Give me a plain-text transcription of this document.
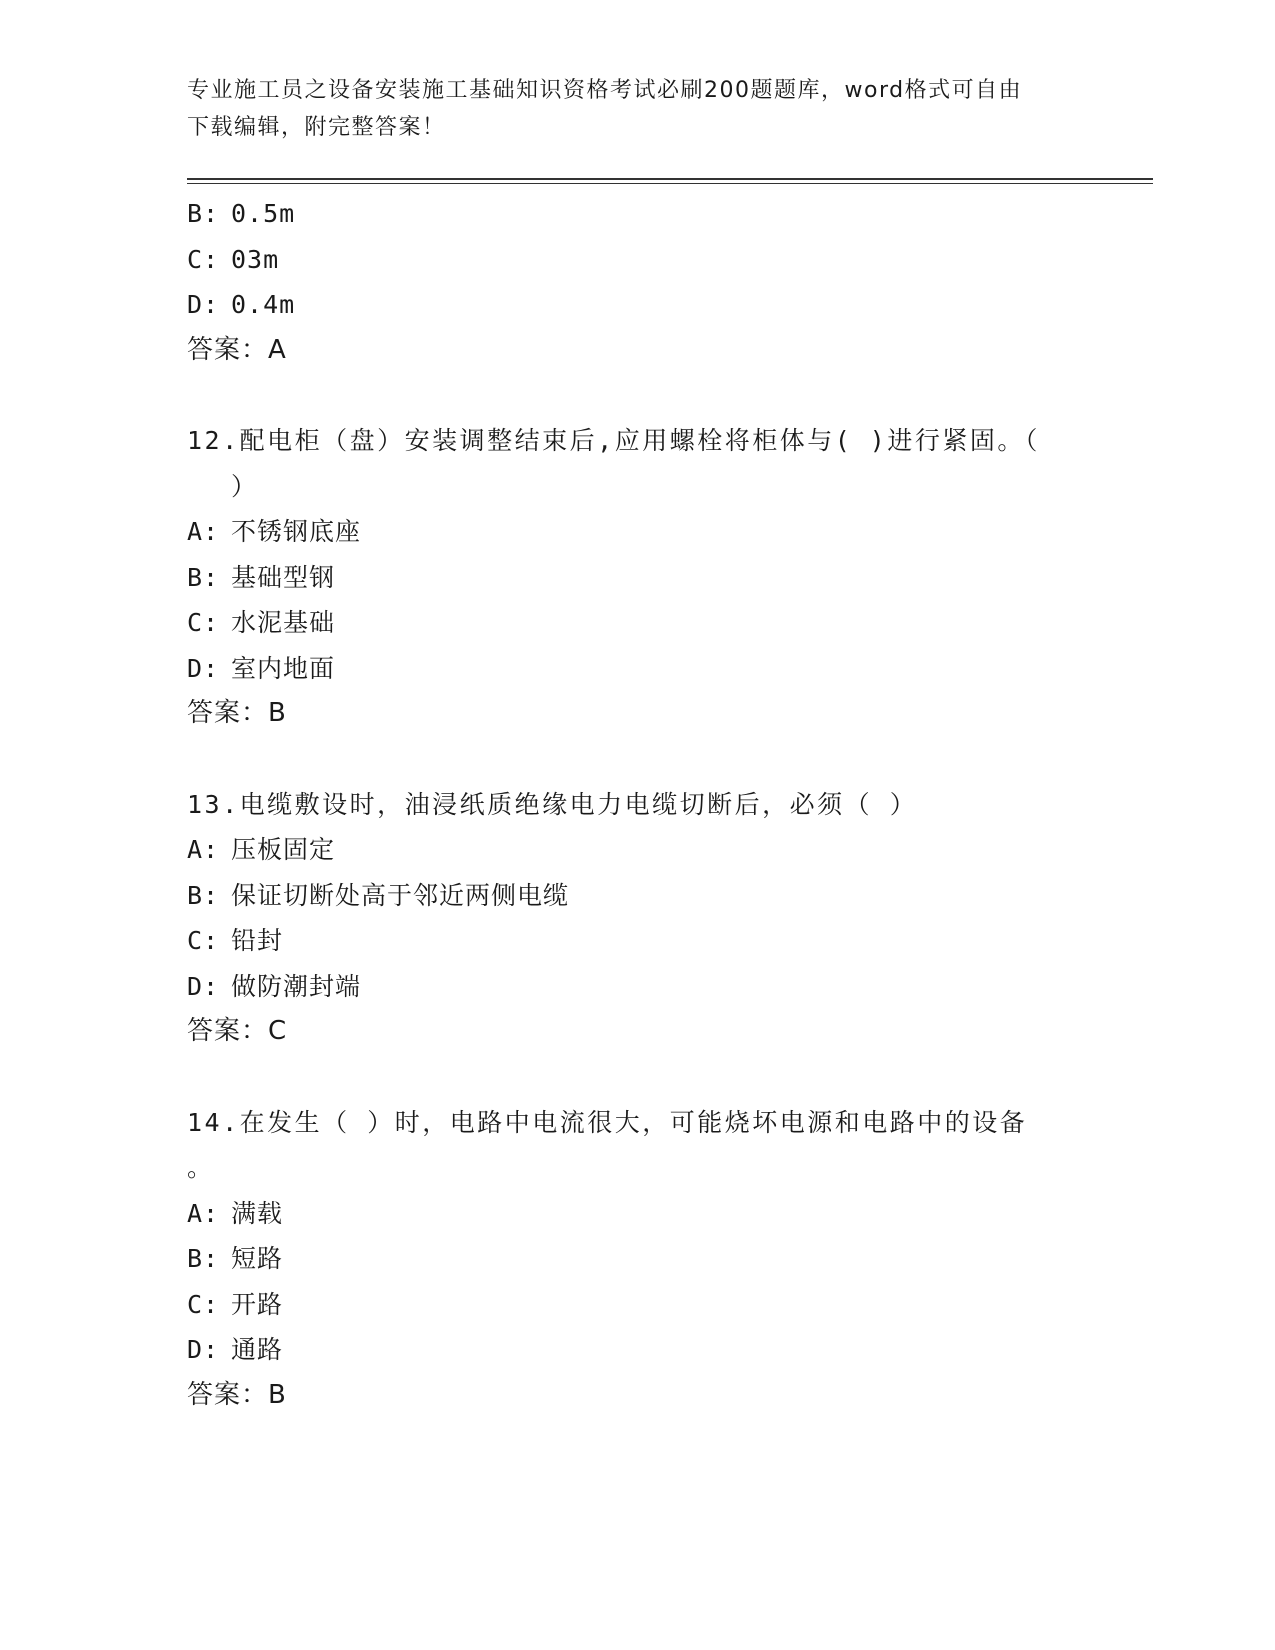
专业施工员之设备安装施工基础知识资格考试必刷200题题库，word格式可自由
下载编辑，附完整答案！
B: 0.5m
C: 03m
D: 0.4m
答案：A
12.配电柜（盘）安装调整结束后,应用螺栓将柜体与( )进行紧固。（
）
A: 不锈钢底座
B: 基础型钢
C: 水泥基础
D: 室内地面
答案：B
13.电缆敷设时，油浸纸质绝缘电力电缆切断后，必须（ ）
A: 压板固定
B: 保证切断处高于邻近两侧电缆
C: 铅封
D: 做防潮封端
答案：C
14.在发生（ ）时，电路中电流很大，可能烧坏电源和电路中的设备
。
A: 满载
B: 短路
C: 开路
D: 通路
答案：B
